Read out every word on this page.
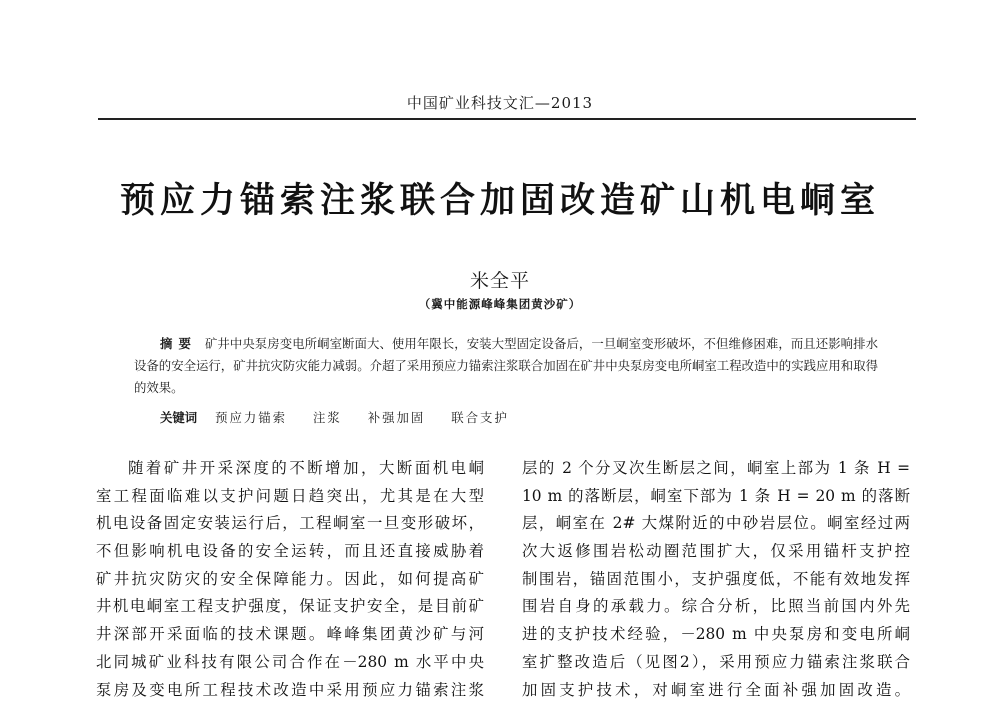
中国矿业科技文汇—2013
预应力锚索注浆联合加固改造矿山机电峒室
米全平
（冀中能源峰峰集团黄沙矿）
摘要 矿井中央泵房变电所峒室断面大、使用年限长，安装大型固定设备后，一旦峒室变形破坏，不但维修困难，而且还影响排水设备的安全运行，矿井抗灾防灾能力减弱。介超了采用预应力锚索注浆联合加固在矿井中央泵房变电所峒室工程改造中的实践应用和取得的效果。
关键词 预应力锚索 注浆 补强加固 联合支护
随着矿井开采深度的不断增加，大断面机电峒
室工程面临难以支护问题日趋突出，尤其是在大型
机电设备固定安装运行后，工程峒室一旦变形破坏，
不但影响机电设备的安全运转，而且还直接威胁着
矿井抗灾防灾的安全保障能力。因此，如何提高矿
井机电峒室工程支护强度，保证支护安全，是目前矿
井深部开采面临的技术课题。峰峰集团黄沙矿与河
北同城矿业科技有限公司合作在－280 m 水平中央
泵房及变电所工程技术改造中采用预应力锚索注浆
层的 2 个分叉次生断层之间，峒室上部为 1 条 H =
10 m 的落断层，峒室下部为 1 条 H = 20 m 的落断
层，峒室在 2# 大煤附近的中砂岩层位。峒室经过两
次大返修围岩松动圈范围扩大，仅采用锚杆支护控
制围岩，锚固范围小，支护强度低，不能有效地发挥
围岩自身的承载力。综合分析，比照当前国内外先
进的支护技术经验，－280 m 中央泵房和变电所峒
室扩整改造后（见图2），采用预应力锚索注浆联合
加固支护技术，对峒室进行全面补强加固改造。
